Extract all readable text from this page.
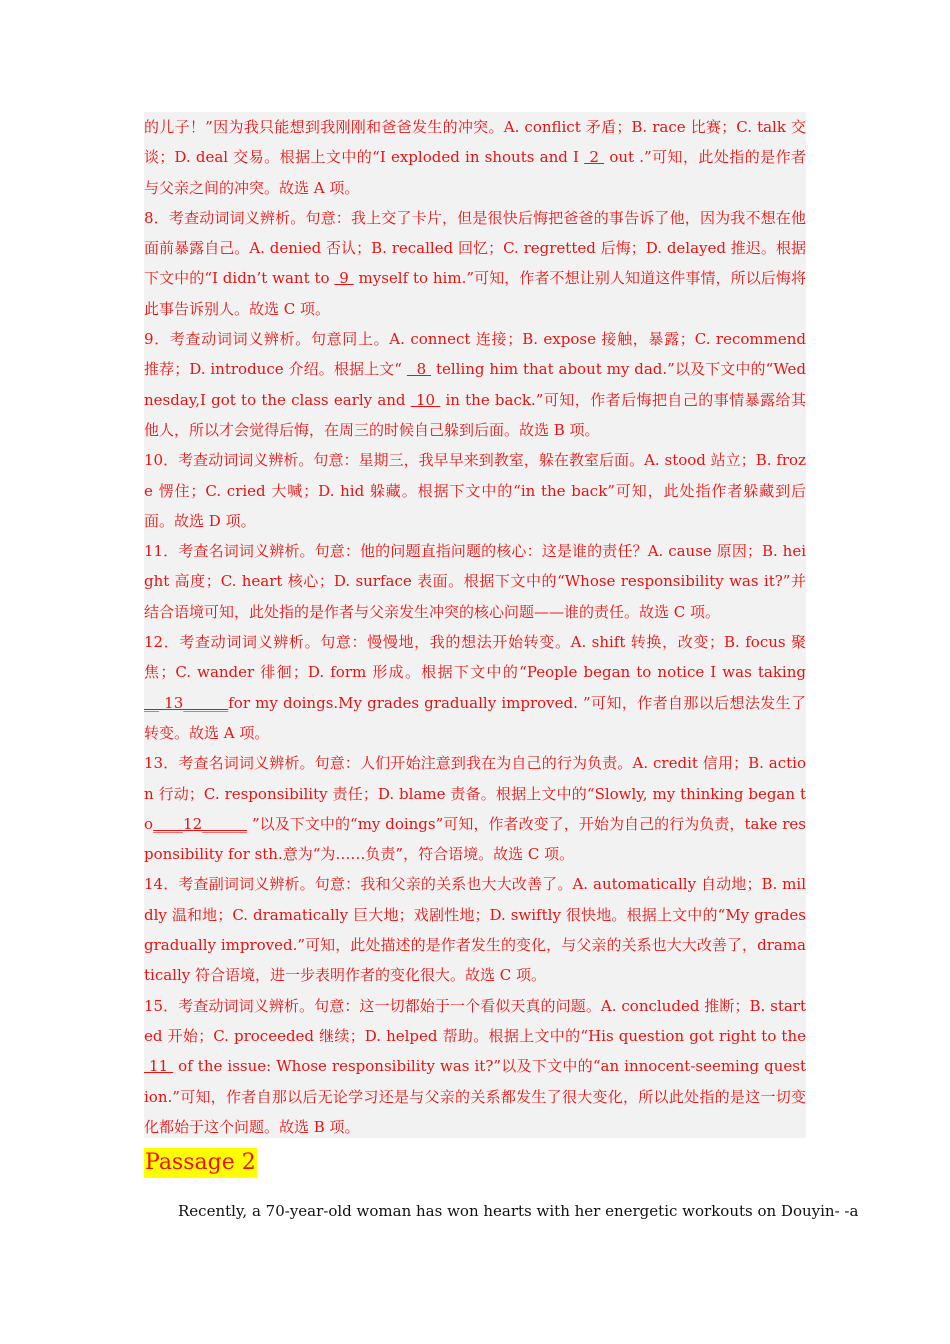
的儿子！”因为我只能想到我刚刚和爸爸发生的冲突。A. conflict 矛盾；B. race 比赛；C. talk 交谈；D. deal 交易。根据上文中的“I exploded in shouts and I  2  out .”可知，此处指的是作者与父亲之间的冲突。故选 A 项。

8．考查动词词义辨析。句意：我上交了卡片，但是很快后悔把爸爸的事告诉了他，因为我不想在他面前暴露自己。A. denied 否认；B. recalled 回忆；C. regretted 后悔；D. delayed 推迟。根据下文中的“I didn’t want to  9  myself to him.”可知，作者不想让别人知道这件事情，所以后悔将此事告诉别人。故选 C 项。

9．考查动词词义辨析。句意同上。A. connect 连接；B. expose 接触，暴露；C. recommend 推荐；D. introduce 介绍。根据上文“   8  telling him that about my dad.”以及下文中的“Wednesday,I got to the class early and  10  in the back.”可知，作者后悔把自己的事情暴露给其他人，所以才会觉得后悔，在周三的时候自己躲到后面。故选 B 项。

10．考查动词词义辨析。句意：星期三，我早早来到教室，躲在教室后面。A. stood 站立；B. froze 愣住；C. cried 大喊；D. hid 躲藏。根据下文中的“in the back”可知，此处指作者躲藏到后面。故选 D 项。

11．考查名词词义辨析。句意：他的问题直指问题的核心：这是谁的责任？A. cause 原因；B. height 高度；C. heart 核心；D. surface 表面。根据下文中的“Whose responsibility was it?”并结合语境可知，此处指的是作者与父亲发生冲突的核心问题——谁的责任。故选 C 项。

12．考查动词词义辨析。句意：慢慢地，我的想法开始转变。A. shift 转换，改变；B. focus 聚焦；C. wander 徘徊；D. form 形成。根据下文中的“People began to notice I was taking__ 13______for my doings.My grades gradually improved. ”可知，作者自那以后想法发生了转变。故选 A 项。

13．考查名词词义辨析。句意：人们开始注意到我在为自己的行为负责。A. credit 信用；B. action 行动；C. responsibility 责任；D. blame 责备。根据上文中的“Slowly, my thinking began to____12______ ”以及下文中的“my doings”可知，作者改变了，开始为自己的行为负责，take responsibility for sth.意为“为……负责”，符合语境。故选 C 项。

14．考查副词词义辨析。句意：我和父亲的关系也大大改善了。A. automatically 自动地；B. mildly 温和地；C. dramatically 巨大地；戏剧性地；D. swiftly 很快地。根据上文中的“My grades gradually improved.”可知，此处描述的是作者发生的变化，与父亲的关系也大大改善了，dramatically 符合语境，进一步表明作者的变化很大。故选 C 项。

15．考查动词词义辨析。句意：这一切都始于一个看似天真的问题。A. concluded 推断；B. started 开始；C. proceeded 继续；D. helped 帮助。根据上文中的“His question got right to the  11  of the issue: Whose responsibility was it?”以及下文中的“an innocent-seeming question.”可知，作者自那以后无论学习还是与父亲的关系都发生了很大变化，所以此处指的是这一切变化都始于这个问题。故选 B 项。

Passage 2

Recently, a 70-year-old woman has won hearts with her energetic workouts on Douyin- -a
